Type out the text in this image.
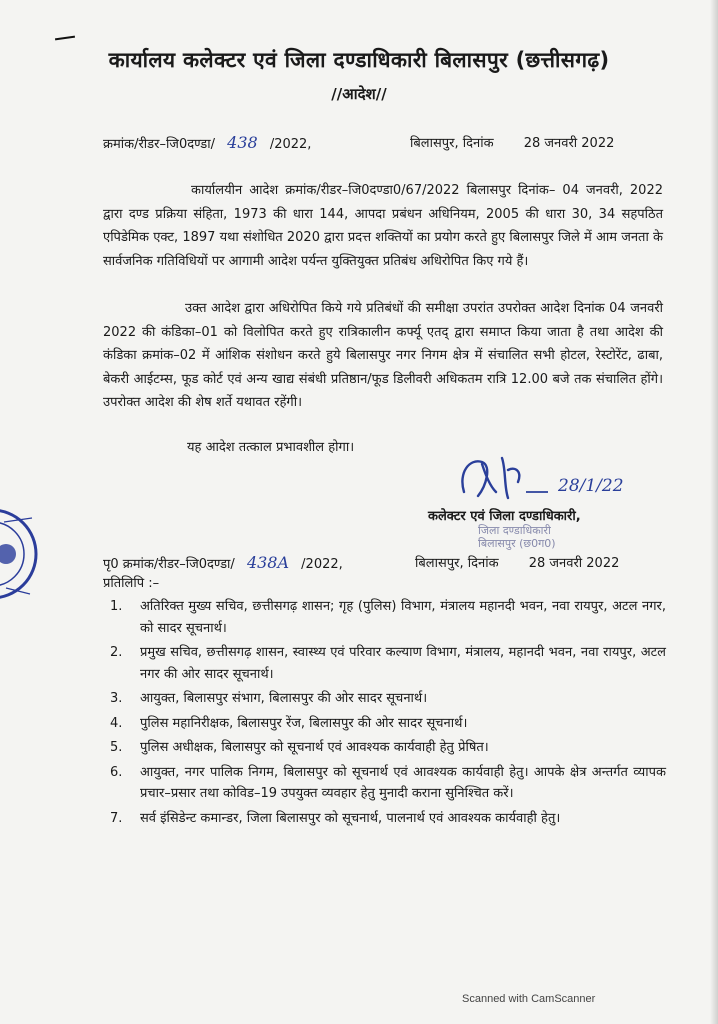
कार्यालय कलेक्टर एवं जिला दण्डाधिकारी बिलासपुर (छत्तीसगढ़)
//आदेश//
क्रमांक/रीडर–जि0दण्डा/ 438 /2022,	बिलासपुर, दिनांक 28 जनवरी 2022
कार्यालयीन आदेश क्रमांक/रीडर–जि0दण्डा0/67/2022 बिलासपुर दिनांक– 04 जनवरी, 2022 द्वारा दण्ड प्रक्रिया संहिता, 1973 की धारा 144, आपदा प्रबंधन अधिनियम, 2005 की धारा 30, 34 सहपठित एपिडेमिक एक्ट, 1897 यथा संशोधित 2020 द्वारा प्रदत्त शक्तियों का प्रयोग करते हुए बिलासपुर जिले में आम जनता के सार्वजनिक गतिविधियों पर आगामी आदेश पर्यन्त युक्तियुक्त प्रतिबंध अधिरोपित किए गये हैं।
उक्त आदेश द्वारा अधिरोपित किये गये प्रतिबंधों की समीक्षा उपरांत उपरोक्त आदेश दिनांक 04 जनवरी 2022 की कंडिका–01 को विलोपित करते हुए रात्रिकालीन कर्फ्यू एतद् द्वारा समाप्त किया जाता है तथा आदेश की कंडिका क्रमांक–02 में आंशिक संशोधन करते हुये बिलासपुर नगर निगम क्षेत्र में संचालित सभी होटल, रेस्टोरेंट, ढाबा, बेकरी आईटम्स, फूड कोर्ट एवं अन्य खाद्य संबंधी प्रतिष्ठान/फूड डिलीवरी अधिकतम रात्रि 12.00 बजे तक संचालित होंगे। उपरोक्त आदेश की शेष शर्ते यथावत रहेंगी।
यह आदेश तत्काल प्रभावशील होगा।
28/1/22
कलेक्टर एवं जिला दण्डाधिकारी,
जिला दण्डाधिकारी
बिलासपुर (छ0ग0)
पृ0 क्रमांक/रीडर–जि0दण्डा/ 438A /2022,	बिलासपुर, दिनांक 28 जनवरी 2022
प्रतिलिपि :–
1.	अतिरिक्त मुख्य सचिव, छत्तीसगढ़ शासन; गृह (पुलिस) विभाग, मंत्रालय महानदी भवन, नवा रायपुर, अटल नगर, को सादर सूचनार्थ।
2.	प्रमुख सचिव, छत्तीसगढ़ शासन, स्वास्थ्य एवं परिवार कल्याण विभाग, मंत्रालय, महानदी भवन, नवा रायपुर, अटल नगर की ओर सादर सूचनार्थ।
3.	आयुक्त, बिलासपुर संभाग, बिलासपुर की ओर सादर सूचनार्थ।
4.	पुलिस महानिरीक्षक, बिलासपुर रेंज, बिलासपुर की ओर सादर सूचनार्थ।
5.	पुलिस अधीक्षक, बिलासपुर को सूचनार्थ एवं आवश्यक कार्यवाही हेतु प्रेषित।
6.	आयुक्त, नगर पालिक निगम, बिलासपुर को सूचनार्थ एवं आवश्यक कार्यवाही हेतु। आपके क्षेत्र अन्तर्गत व्यापक प्रचार–प्रसार तथा कोविड–19 उपयुक्त व्यवहार हेतु मुनादी कराना सुनिश्चित करें।
7.	सर्व इंसिडेन्ट कमान्डर, जिला बिलासपुर को सूचनार्थ, पालनार्थ एवं आवश्यक कार्यवाही हेतु।
Scanned with CamScanner
